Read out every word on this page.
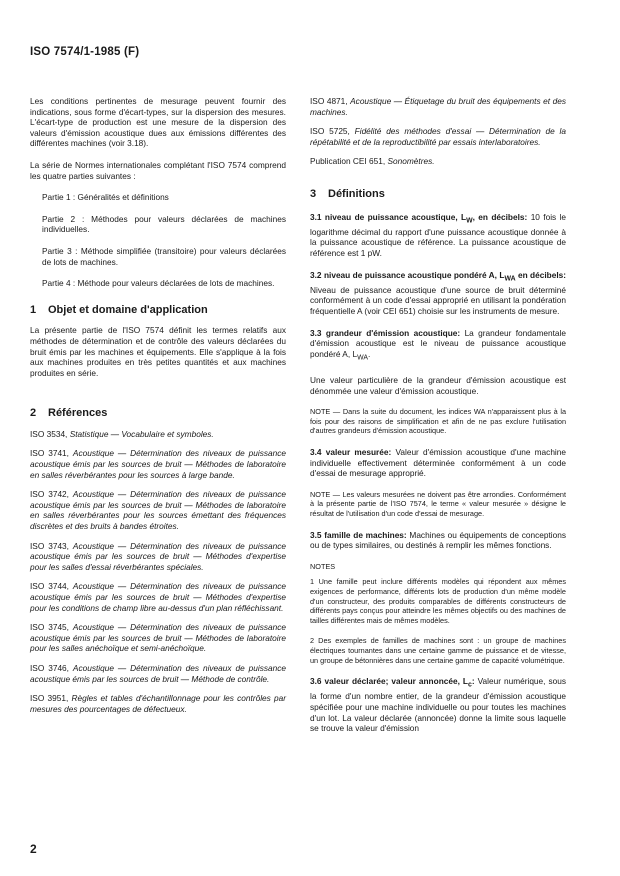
ISO 7574/1-1985 (F)

Les conditions pertinentes de mesurage peuvent fournir des indications, sous forme d'écart-types, sur la dispersion des mesures. L'écart-type de production est une mesure de la dispersion des valeurs d'émission acoustique dues aux émissions différentes des différentes machines (voir 3.18).

La série de Normes internationales complétant l'ISO 7574 comprend les quatre parties suivantes :

Partie 1 : Généralités et définitions

Partie 2 : Méthodes pour valeurs déclarées de machines individuelles.

Partie 3 : Méthode simplifiée (transitoire) pour valeurs déclarées de lots de machines.

Partie 4 : Méthode pour valeurs déclarées de lots de machines.

1 Objet et domaine d'application

La présente partie de l'ISO 7574 définit les termes relatifs aux méthodes de détermination et de contrôle des valeurs déclarées du bruit émis par les machines et équipements. Elle s'applique à la fois aux machines produites en très petites quantités et aux machines produites en série.

2 Références

ISO 3534, Statistique — Vocabulaire et symboles.

ISO 3741, Acoustique — Détermination des niveaux de puissance acoustique émis par les sources de bruit — Méthodes de laboratoire en salles réverbérantes pour les sources à large bande.

ISO 3742, Acoustique — Détermination des niveaux de puissance acoustique émis par les sources de bruit — Méthodes de laboratoire en salles réverbérantes pour les sources émettant des fréquences discrètes et des bruits à bandes étroites.

ISO 3743, Acoustique — Détermination des niveaux de puissance acoustique émis par les sources de bruit — Méthodes d'expertise pour les salles d'essai réverbérantes spéciales.

ISO 3744, Acoustique — Détermination des niveaux de puissance acoustique émis par les sources de bruit — Méthodes d'expertise pour les conditions de champ libre au-dessus d'un plan réfléchissant.

ISO 3745, Acoustique — Détermination des niveaux de puissance acoustique émis par les sources de bruit — Méthodes de laboratoire pour les salles anéchoïque et semi-anéchoïque.

ISO 3746, Acoustique — Détermination des niveaux de puissance acoustique émis par les sources de bruit — Méthode de contrôle.

ISO 3951, Règles et tables d'échantillonnage pour les contrôles par mesures des pourcentages de défectueux.

ISO 4871, Acoustique — Étiquetage du bruit des équipements et des machines.

ISO 5725, Fidélité des méthodes d'essai — Détermination de la répétabilité et de la reproductibilité par essais interlaboratoires.

Publication CEI 651, Sonomètres.

3 Définitions

3.1 niveau de puissance acoustique, $L_W$, en décibels: 10 fois le logarithme décimal du rapport d'une puissance acoustique donnée à la puissance acoustique de référence. La puissance acoustique de référence est 1 pW.

3.2 niveau de puissance acoustique pondéré A, $L_{WA}$ en décibels: Niveau de puissance acoustique d'une source de bruit déterminé conformément à un code d'essai approprié en utilisant la pondération fréquentielle A (voir CEI 651) choisie sur les instruments de mesure.

3.3 grandeur d'émission acoustique: La grandeur fondamentale d'émission acoustique est le niveau de puissance acoustique pondéré A, $L_{WA}$.

Une valeur particulière de la grandeur d'émission acoustique est dénommée une valeur d'émission acoustique.

NOTE — Dans la suite du document, les indices WA n'apparaissent plus à la fois pour des raisons de simplification et afin de ne pas exclure l'utilisation d'autres grandeurs d'émission acoustique.

3.4 valeur mesurée: Valeur d'émission acoustique d'une machine individuelle effectivement déterminée conformément à un code d'essai de mesurage approprié.

NOTE — Les valeurs mesurées ne doivent pas être arrondies. Conformément à la présente partie de l'ISO 7574, le terme « valeur mesurée » désigne le résultat de l'utilisation d'un code d'essai de mesurage.

3.5 famille de machines: Machines ou équipements de conceptions ou de types similaires, ou destinés à remplir les mêmes fonctions.

NOTES

1 Une famille peut inclure différents modèles qui répondent aux mêmes exigences de performance, différents lots de production d'un même modèle d'un constructeur, des produits comparables de différents constructeurs de différents pays conçus pour atteindre les mêmes objectifs ou des machines de tailles différentes mais de mêmes modèles.

2 Des exemples de familles de machines sont : un groupe de machines électriques tournantes dans une certaine gamme de puissance et de vitesse, un groupe de bétonnières dans une certaine gamme de capacité volumétrique.

3.6 valeur déclarée; valeur annoncée, $L_c$: Valeur numérique, sous la forme d'un nombre entier, de la grandeur d'émission acoustique spécifiée pour une machine individuelle ou pour toutes les machines d'un lot. La valeur déclarée (annoncée) donne la limite sous laquelle se trouve la valeur d'émission

2
